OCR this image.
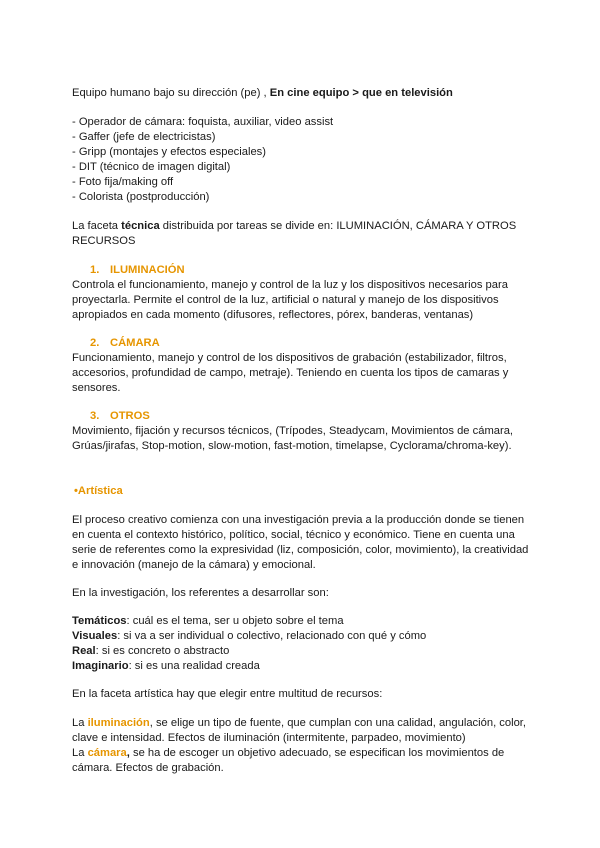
Equipo humano bajo su dirección (pe) , En cine equipo > que en televisión

- Operador de cámara: foquista, auxiliar, video assist
- Gaffer (jefe de electricistas)
- Gripp (montajes y efectos especiales)
- DIT (técnico de imagen digital)
- Foto fija/making off
- Colorista (postproducción)
La faceta técnica distribuida por tareas se divide en: ILUMINACIÓN, CÁMARA Y OTROS
RECURSOS
1. ILUMINACIÓN
Controla el funcionamiento, manejo y control de la luz y los dispositivos necesarios para
proyectarla. Permite el control de la luz, artificial o natural y manejo de los dispositivos
apropiados en cada momento (difusores, reflectores, pórex, banderas, ventanas)
2. CÁMARA
Funcionamiento, manejo y control de los dispositivos de grabación (estabilizador, filtros,
accesorios, profundidad de campo, metraje). Teniendo en cuenta los tipos de camaras y
sensores.
3. OTROS
Movimiento, fijación y recursos técnicos, (Trípodes, Steadycam, Movimientos de cámara,
Grúas/jirafas, Stop-motion, slow-motion, fast-motion, timelapse, Cyclorama/chroma-key).
•Artística
El proceso creativo comienza con una investigación previa a la producción donde se tienen
en cuenta el contexto histórico, político, social, técnico y económico. Tiene en cuenta una
serie de referentes como la expresividad (liz, composición, color, movimiento), la creatividad
e innovación (manejo de la cámara) y emocional.

En la investigación, los referentes a desarrollar son:

Temáticos: cuál es el tema, ser u objeto sobre el tema
Visuales: si va a ser individual o colectivo, relacionado con qué y cómo
Real: si es concreto o abstracto
Imaginario: si es una realidad creada

En la faceta artística hay que elegir entre multitud de recursos:

La iluminación, se elige un tipo de fuente, que cumplan con una calidad, angulación, color,
clave e intensidad. Efectos de iluminación (intermitente, parpadeo, movimiento)
La cámara, se ha de escoger un objetivo adecuado, se especifican los movimientos de
cámara. Efectos de grabación.
